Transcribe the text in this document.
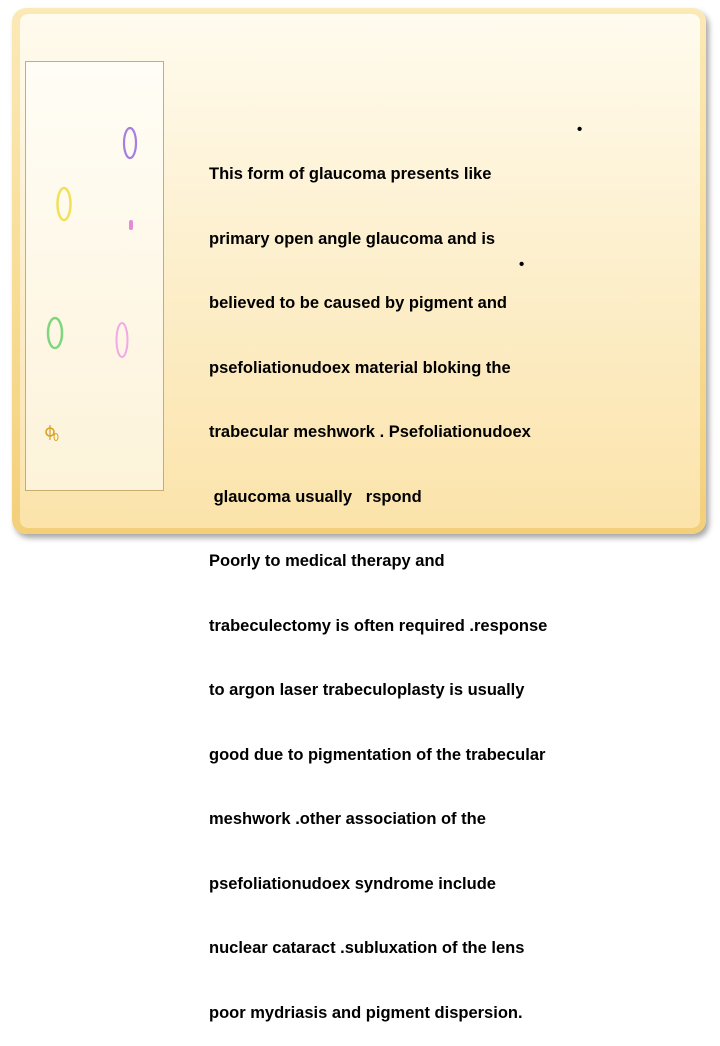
This form of glaucoma presents like

primary open angle glaucoma and is

believed to be caused by pigment and

psefoliationudoex material bloking the

trabecular meshwork . Psefoliationudoex

glaucoma usually   rspond

Poorly to medical therapy and

trabeculectomy is often required .response

to argon laser trabeculoplasty is usually

good due to pigmentation of the trabecular

meshwork .other association of the

psefoliationudoex syndrome include

nuclear cataract .subluxation of the lens

poor mydriasis and pigment dispersion.

•
•
